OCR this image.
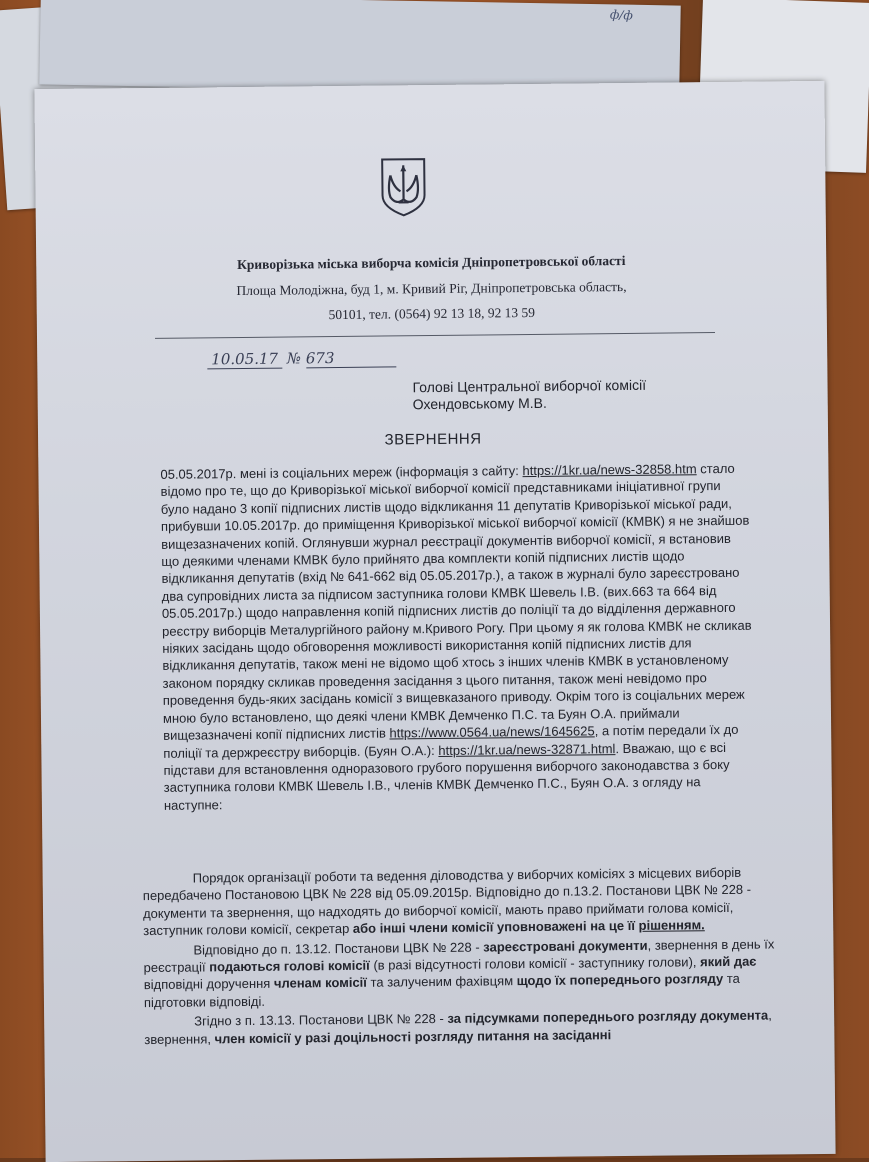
ф/ф
Криворізька міська виборча комісія Дніпропетровської області
Площа Молодіжна, буд 1, м. Кривий Ріг, Дніпропетровська область,
50101, тел. (0564) 92 13 18, 92 13 59
10.05.17 № 673
Голові Центральної виборчої комісії
Охендовському М.В.
ЗВЕРНЕННЯ

05.05.2017р. мені із соціальних мереж (інформація з сайту: https://1kr.ua/news-32858.htm стало відомо про те, що до Криворізької міської виборчої комісії представниками ініціативної групи було надано 3 копії підписних листів щодо відкликання 11 депутатів Криворізької міської ради, прибувши 10.05.2017р. до приміщення Криворізької міської виборчої комісії (КМВК) я не знайшов вищезазначених копій. Оглянувши журнал реєстрації документів виборчої комісії, я встановив що деякими членами КМВК було прийнято два комплекти копій підписних листів щодо відкликання депутатів (вхід № 641-662 від 05.05.2017р.), а також в журналі було зареєстровано два супровідних листа за підписом заступника голови КМВК Шевель І.В. (вих.663 та 664 від 05.05.2017р.) щодо направлення копій підписних листів до поліції та до відділення державного реєстру виборців Металургійного району м.Кривого Рогу. При цьому я як голова КМВК не скликав ніяких засідань щодо обговорення можливості використання копій підписних листів для відкликання депутатів, також мені не відомо щоб хтось з інших членів КМВК в установленому законом порядку скликав проведення засідання з цього питання, також мені невідомо про проведення будь-яких засідань комісії з вищевказаного приводу. Окрім того із соціальних мереж мною було встановлено, що деякі члени КМВК Демченко П.С. та Буян О.А. приймали вищезазначені копії підписних листів https://www.0564.ua/news/1645625, а потім передали їх до поліції та держреєстру виборців. (Буян О.А.): https://1kr.ua/news-32871.html. Вважаю, що є всі підстави для встановлення одноразового грубого порушення виборчого законодавства з боку заступника голови КМВК Шевель І.В., членів КМВК Демченко П.С., Буян О.А. з огляду на наступне:

Порядок організації роботи та ведення діловодства у виборчих комісіях з місцевих виборів передбачено Постановою ЦВК № 228 від 05.09.2015р. Відповідно до п.13.2. Постанови ЦВК № 228 - документи та звернення, що надходять до виборчої комісії, мають право приймати голова комісії, заступник голови комісії, секретар або інші члени комісії уповноважені на це її рішенням.

Відповідно до п. 13.12. Постанови ЦВК № 228 - зареєстровані документи, звернення в день їх реєстрації подаються голові комісії (в разі відсутності голови комісії - заступнику голови), який дає відповідні доручення членам комісії та залученим фахівцям щодо їх попереднього розгляду та підготовки відповіді.

Згідно з п. 13.13. Постанови ЦВК № 228 - за підсумками попереднього розгляду документа, звернення, член комісії у разі доцільності розгляду питання на засіданні
